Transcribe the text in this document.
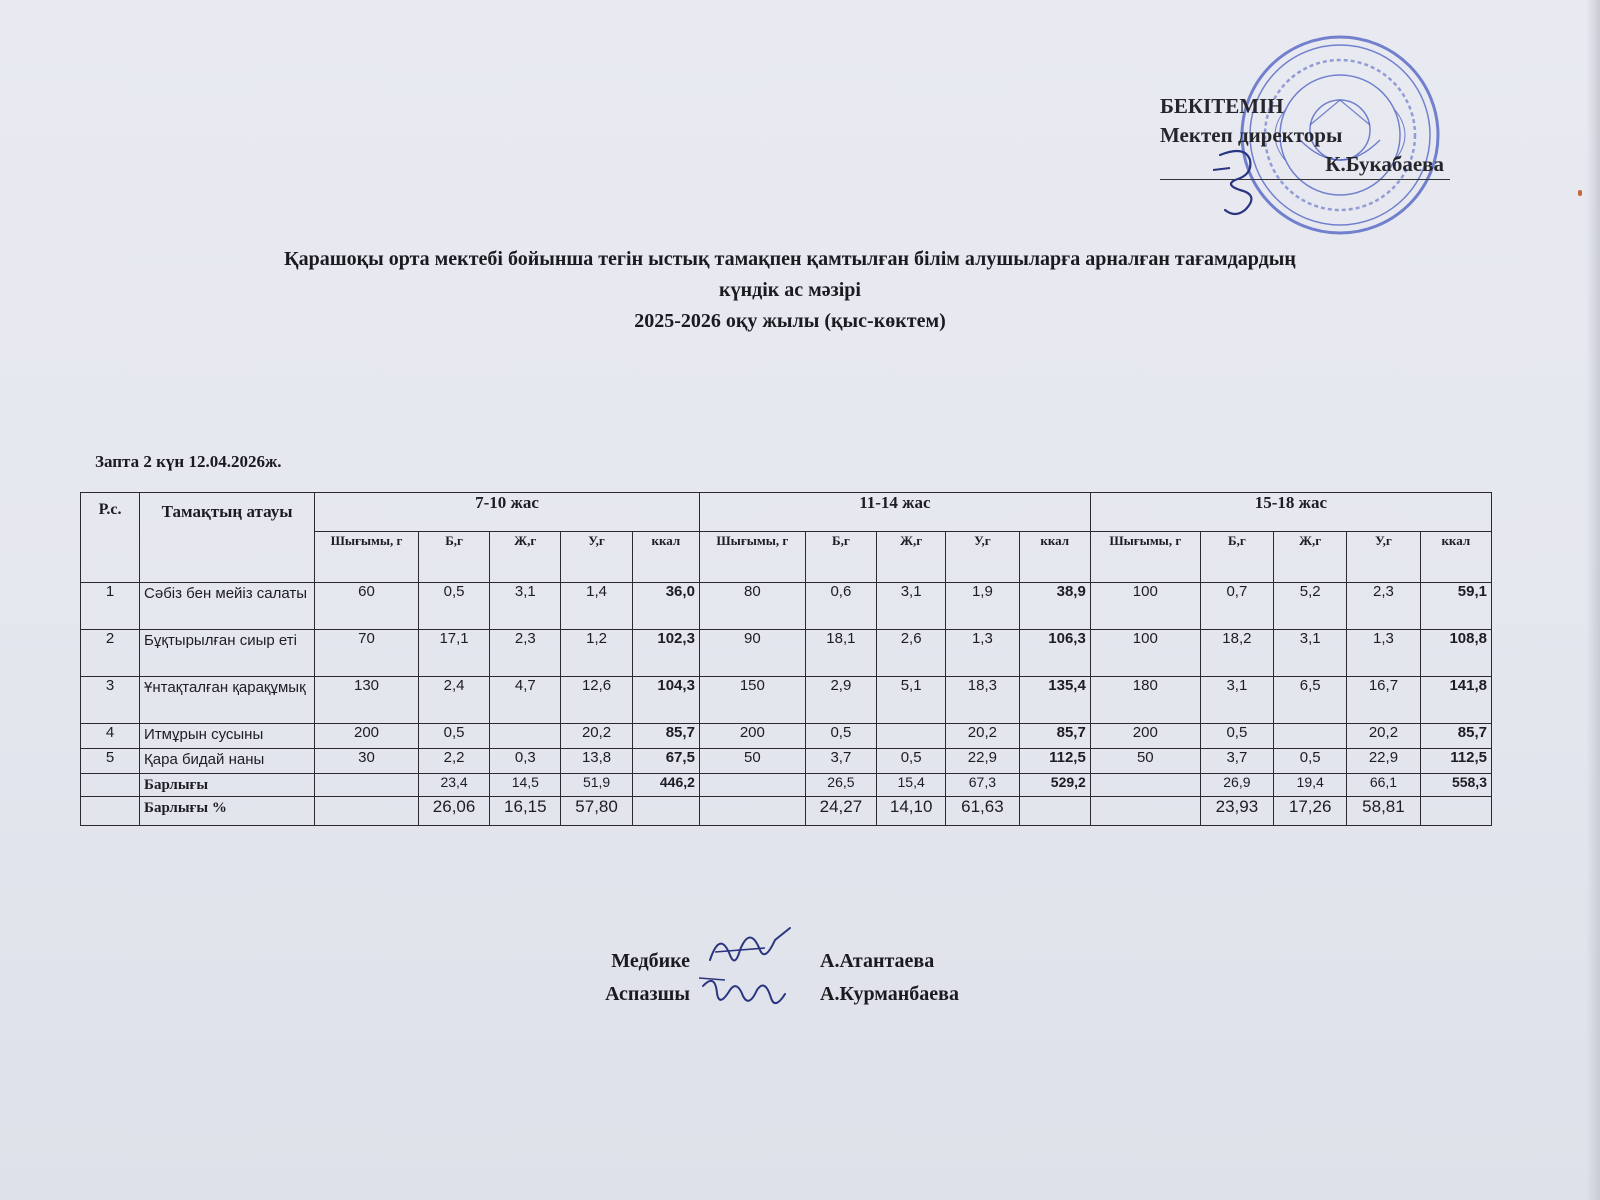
БЕКІТЕМІН
Мектеп директоры
К.Букабаева
Қарашоқы орта мектебі бойынша тегін ыстық тамақпен қамтылған білім алушыларға арналған тағамдардың
күндік ас мәзірі
2025-2026 оқу жылы (қыс-көктем)
Запта 2 күн 12.04.2026ж.
Р.с.	Тамақтың атауы	7-10 жас					11-14 жас					15-18 жас				
		Шығымы, г	Б,г	Ж,г	У,г	ккал	Шығымы, г	Б,г	Ж,г	У,г	ккал	Шығымы, г	Б,г	Ж,г	У,г	ккал
1	Сәбіз бен мейіз салаты	60	0,5	3,1	1,4	36,0	80	0,6	3,1	1,9	38,9	100	0,7	5,2	2,3	59,1
2	Бұқтырылған сиыр еті	70	17,1	2,3	1,2	102,3	90	18,1	2,6	1,3	106,3	100	18,2	3,1	1,3	108,8
3	Ұнтақталған қарақұмық	130	2,4	4,7	12,6	104,3	150	2,9	5,1	18,3	135,4	180	3,1	6,5	16,7	141,8
4	Итмұрын сусыны	200	0,5		20,2	85,7	200	0,5		20,2	85,7	200	0,5		20,2	85,7
5	Қара бидай наны	30	2,2	0,3	13,8	67,5	50	3,7	0,5	22,9	112,5	50	3,7	0,5	22,9	112,5
	Барлығы		23,4	14,5	51,9	446,2		26,5	15,4	67,3	529,2		26,9	19,4	66,1	558,3
	Барлығы %		26,06	16,15	57,80			24,27	14,10	61,63			23,93	17,26	58,81	
Медбике	А.Атантаева
Аспазшы	А.Курманбаева
